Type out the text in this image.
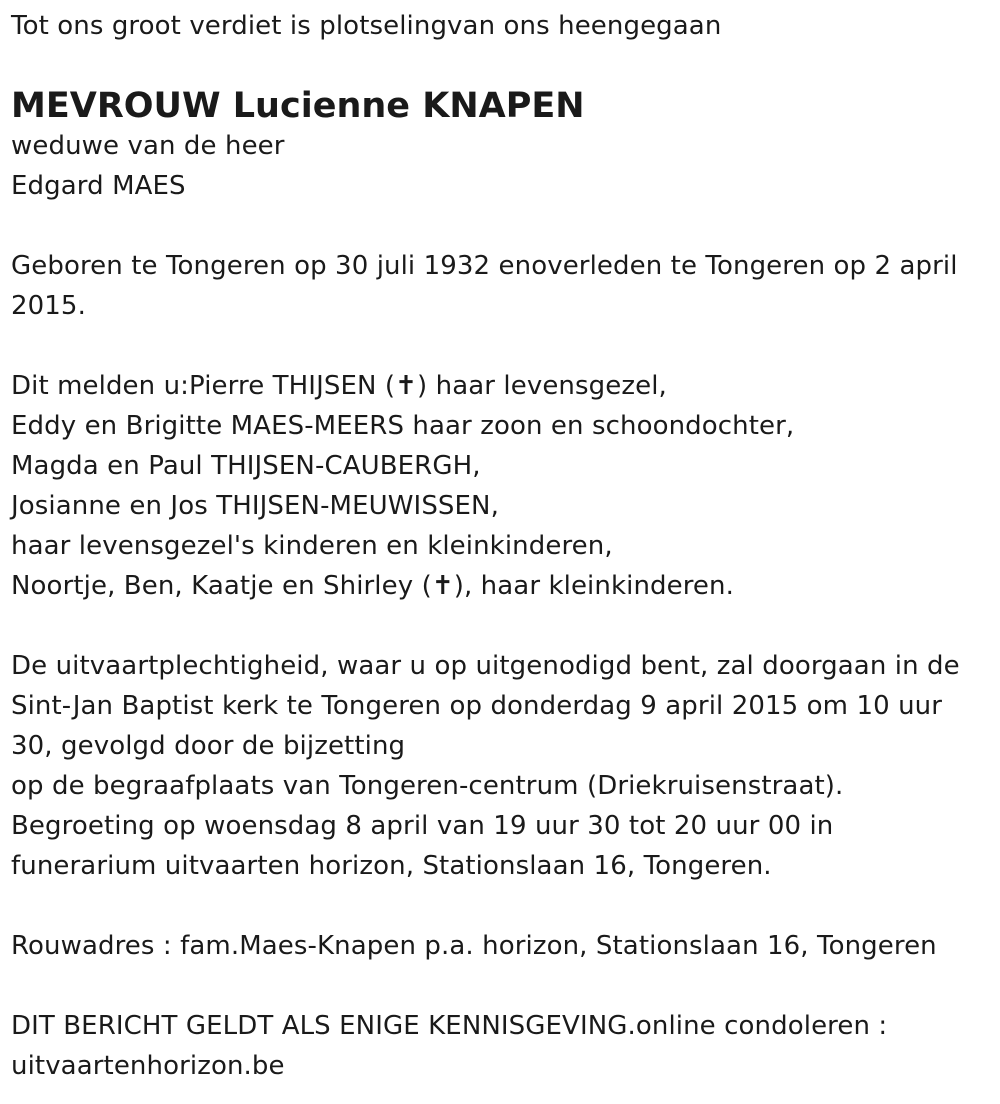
Tot ons groot verdiet is plotselingvan ons heengegaan
MEVROUW Lucienne KNAPEN
weduwe van de heer
Edgard MAES
Geboren te Tongeren op 30 juli 1932 enoverleden te Tongeren op 2 april
2015.
Dit melden u:Pierre THIJSEN (✝) haar levensgezel,
Eddy en Brigitte MAES-MEERS haar zoon en schoondochter,
Magda en Paul THIJSEN-CAUBERGH,
Josianne en Jos THIJSEN-MEUWISSEN,
haar levensgezel's kinderen en kleinkinderen,
Noortje, Ben, Kaatje en Shirley (✝), haar kleinkinderen.
De uitvaartplechtigheid, waar u op uitgenodigd bent, zal doorgaan in de
Sint-Jan Baptist kerk te Tongeren op donderdag 9 april 2015 om 10 uur
30, gevolgd door de bijzetting
op de begraafplaats van Tongeren-centrum (Driekruisenstraat).
Begroeting op woensdag 8 april van 19 uur 30 tot 20 uur 00 in
funerarium uitvaarten horizon, Stationslaan 16, Tongeren.
Rouwadres : fam.Maes-Knapen p.a. horizon, Stationslaan 16, Tongeren
DIT BERICHT GELDT ALS ENIGE KENNISGEVING.online condoleren :
uitvaartenhorizon.be
